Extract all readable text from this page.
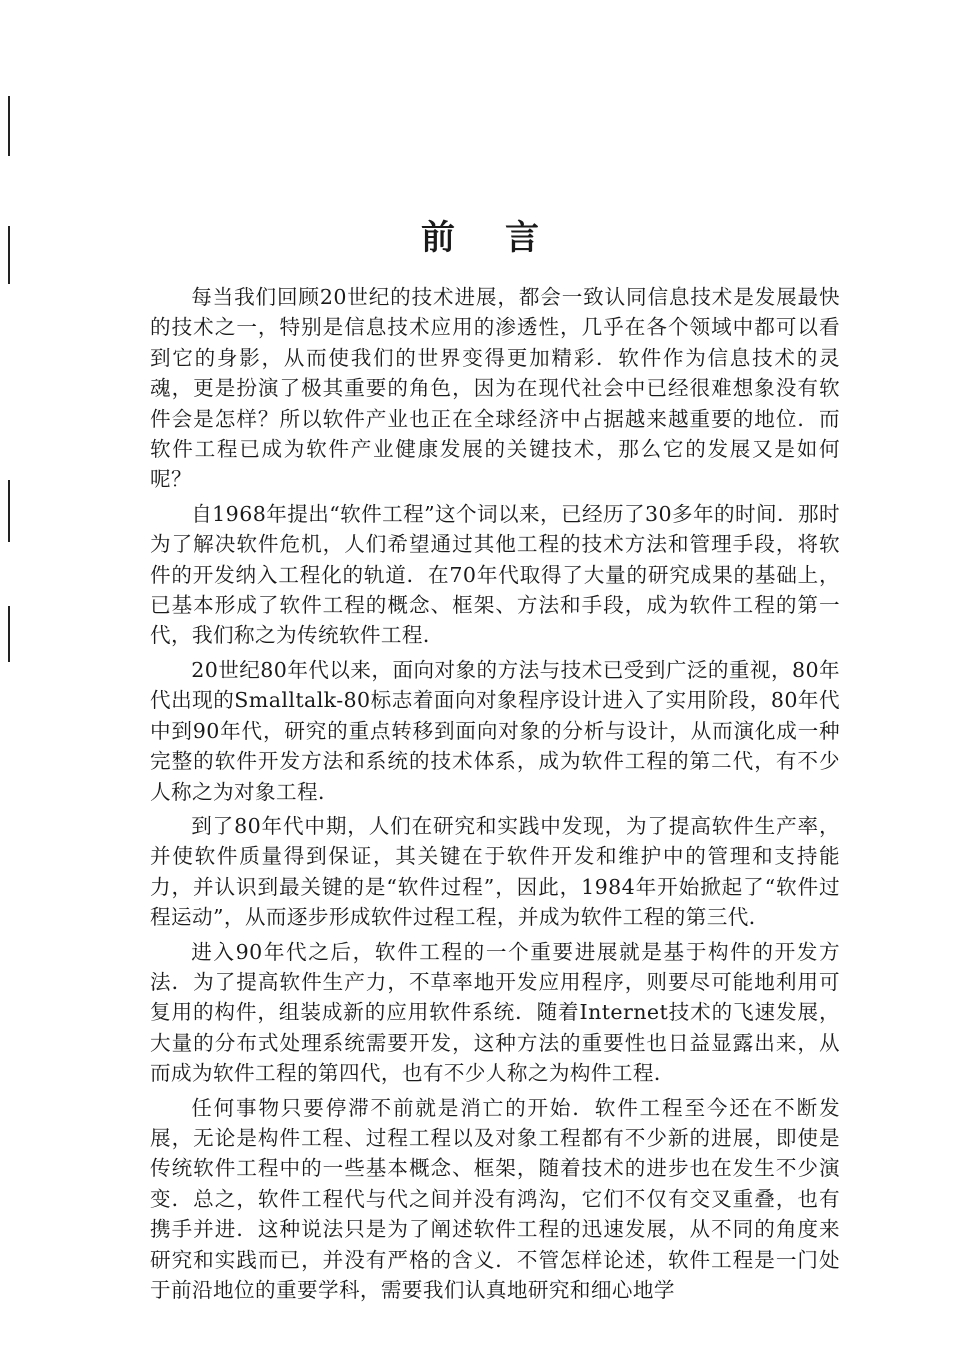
前言

每当我们回顾20世纪的技术进展，都会一致认同信息技术是发展最快的技术之一，特别是信息技术应用的渗透性，几乎在各个领域中都可以看到它的身影，从而使我们的世界变得更加精彩．软件作为信息技术的灵魂，更是扮演了极其重要的角色，因为在现代社会中已经很难想象没有软件会是怎样？所以软件产业也正在全球经济中占据越来越重要的地位．而软件工程已成为软件产业健康发展的关键技术，那么它的发展又是如何呢？

自1968年提出“软件工程”这个词以来，已经历了30多年的时间．那时为了解决软件危机，人们希望通过其他工程的技术方法和管理手段，将软件的开发纳入工程化的轨道．在70年代取得了大量的研究成果的基础上，已基本形成了软件工程的概念、框架、方法和手段，成为软件工程的第一代，我们称之为传统软件工程．

20世纪80年代以来，面向对象的方法与技术已受到广泛的重视，80年代出现的Smalltalk-80标志着面向对象程序设计进入了实用阶段，80年代中到90年代，研究的重点转移到面向对象的分析与设计，从而演化成一种完整的软件开发方法和系统的技术体系，成为软件工程的第二代，有不少人称之为对象工程．

到了80年代中期，人们在研究和实践中发现，为了提高软件生产率，并使软件质量得到保证，其关键在于软件开发和维护中的管理和支持能力，并认识到最关键的是“软件过程”，因此，1984年开始掀起了“软件过程运动”，从而逐步形成软件过程工程，并成为软件工程的第三代．

进入90年代之后，软件工程的一个重要进展就是基于构件的开发方法．为了提高软件生产力，不草率地开发应用程序，则要尽可能地利用可复用的构件，组装成新的应用软件系统．随着Internet技术的飞速发展，大量的分布式处理系统需要开发，这种方法的重要性也日益显露出来，从而成为软件工程的第四代，也有不少人称之为构件工程．

任何事物只要停滞不前就是消亡的开始．软件工程至今还在不断发展，无论是构件工程、过程工程以及对象工程都有不少新的进展，即使是传统软件工程中的一些基本概念、框架，随着技术的进步也在发生不少演变．总之，软件工程代与代之间并没有鸿沟，它们不仅有交叉重叠，也有携手并进．这种说法只是为了阐述软件工程的迅速发展，从不同的角度来研究和实践而已，并没有严格的含义．不管怎样论述，软件工程是一门处于前沿地位的重要学科，需要我们认真地研究和细心地学
